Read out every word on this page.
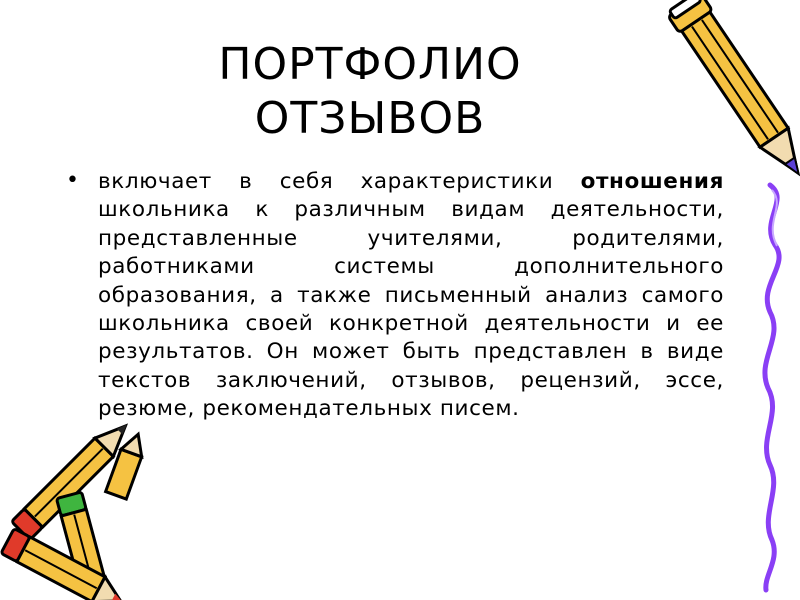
ПОРТФОЛИО
ОТЗЫВОВ
• включает в себя характеристики отношения школьника к различным видам деятельности, представленные учителями, родителями, работниками системы дополнительного образования, а также письменный анализ самого школьника своей конкретной деятельности и ее результатов. Он может быть представлен в виде текстов заключений, отзывов, рецензий, эссе, резюме, рекомендательных писем.
